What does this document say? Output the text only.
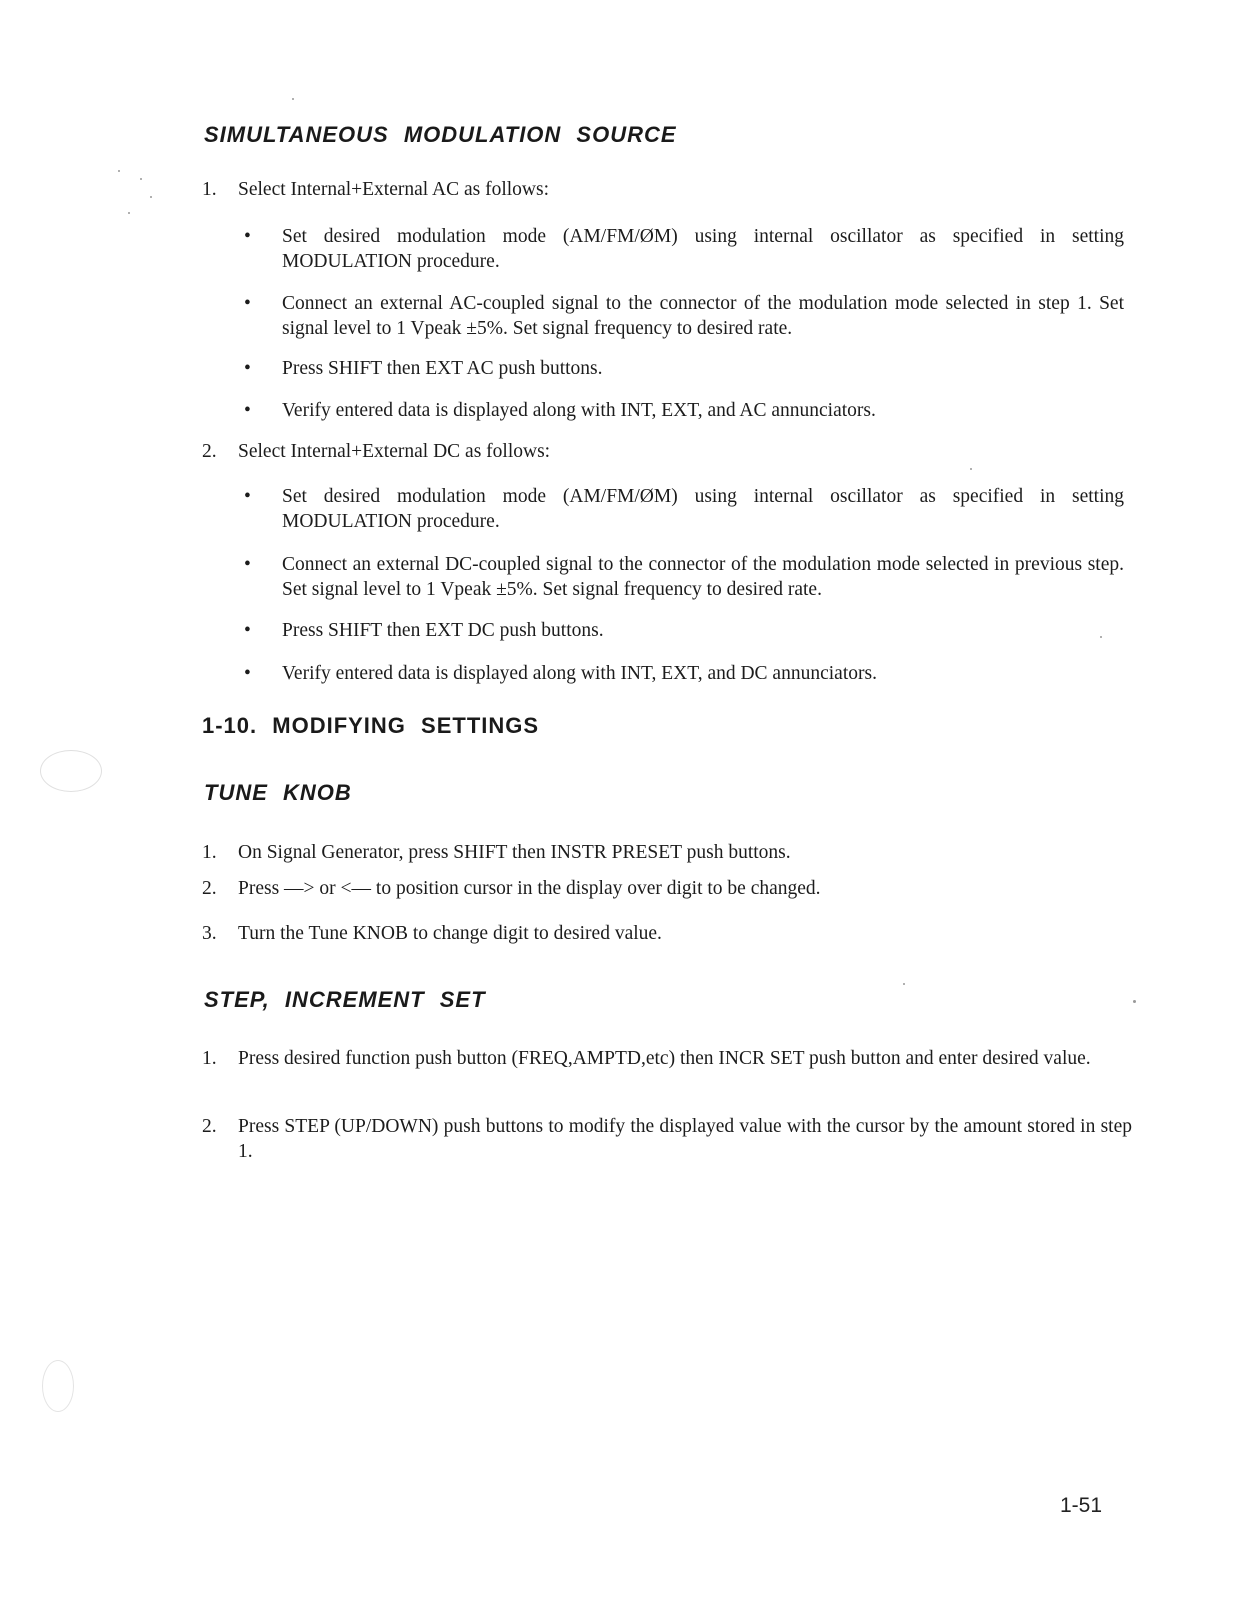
SIMULTANEOUS MODULATION SOURCE
1. Select Internal+External AC as follows:
• Set desired modulation mode (AM/FM/ØM) using internal oscillator as specified in setting MODULATION procedure.
• Connect an external AC-coupled signal to the connector of the modulation mode selected in step 1. Set signal level to 1 Vpeak ±5%. Set signal frequency to desired rate.
• Press SHIFT then EXT AC push buttons.
• Verify entered data is displayed along with INT, EXT, and AC annunciators.
2. Select Internal+External DC as follows:
• Set desired modulation mode (AM/FM/ØM) using internal oscillator as specified in setting MODULATION procedure.
• Connect an external DC-coupled signal to the connector of the modulation mode selected in previous step. Set signal level to 1 Vpeak ±5%. Set signal frequency to desired rate.
• Press SHIFT then EXT DC push buttons.
• Verify entered data is displayed along with INT, EXT, and DC annunciators.
1-10. MODIFYING SETTINGS
TUNE KNOB
1. On Signal Generator, press SHIFT then INSTR PRESET push buttons.
2. Press —> or <— to position cursor in the display over digit to be changed.
3. Turn the Tune KNOB to change digit to desired value.
STEP, INCREMENT SET
1. Press desired function push button (FREQ,AMPTD,etc) then INCR SET push button and enter desired value.
2. Press STEP (UP/DOWN) push buttons to modify the displayed value with the cursor by the amount stored in step 1.
1-51
